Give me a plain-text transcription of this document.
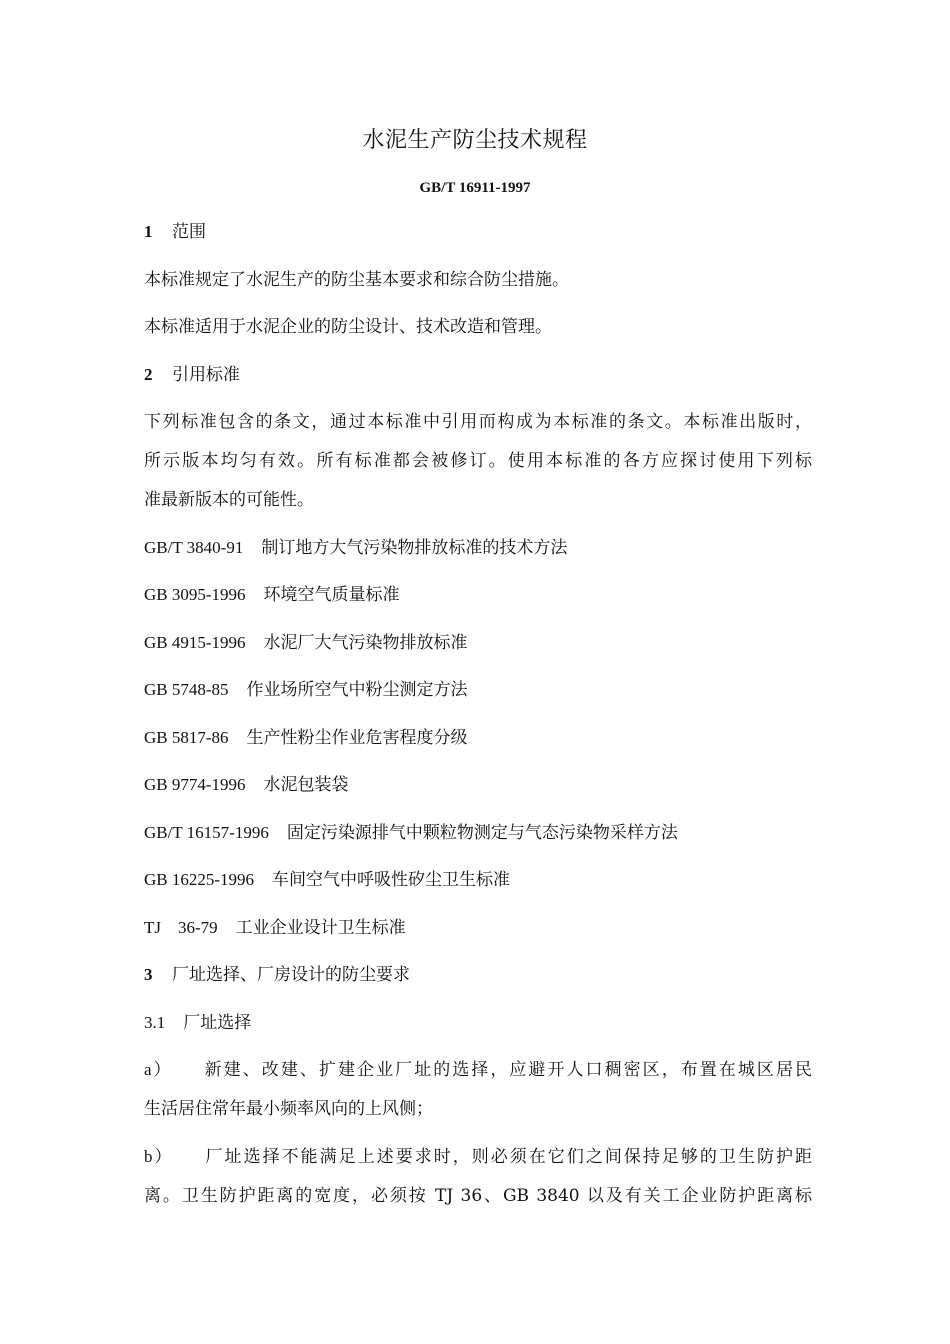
水泥生产防尘技术规程
GB/T 16911-1997
1 范围
本标准规定了水泥生产的防尘基本要求和综合防尘措施。
本标准适用于水泥企业的防尘设计、技术改造和管理。
2 引用标准
下列标准包含的条文，通过本标准中引用而构成为本标准的条文。本标准出版时，
所示版本均匀有效。所有标准都会被修订。使用本标准的各方应探讨使用下列标
准最新版本的可能性。
GB/T 3840-91 制订地方大气污染物排放标准的技术方法
GB 3095-1996 环境空气质量标准
GB 4915-1996 水泥厂大气污染物排放标准
GB 5748-85 作业场所空气中粉尘测定方法
GB 5817-86 生产性粉尘作业危害程度分级
GB 9774-1996 水泥包装袋
GB/T 16157-1996 固定污染源排气中颗粒物测定与气态污染物采样方法
GB 16225-1996 车间空气中呼吸性矽尘卫生标准
TJ　36-79 工业企业设计卫生标准
3 厂址选择、厂房设计的防尘要求
3.1 厂址选择
a） 新建、改建、扩建企业厂址的选择，应避开人口稠密区，布置在城区居民
生活居住常年最小频率风向的上风侧；
b） 厂址选择不能满足上述要求时，则必须在它们之间保持足够的卫生防护距
离。卫生防护距离的宽度，必须按 TJ 36、GB 3840 以及有关工企业防护距离标
